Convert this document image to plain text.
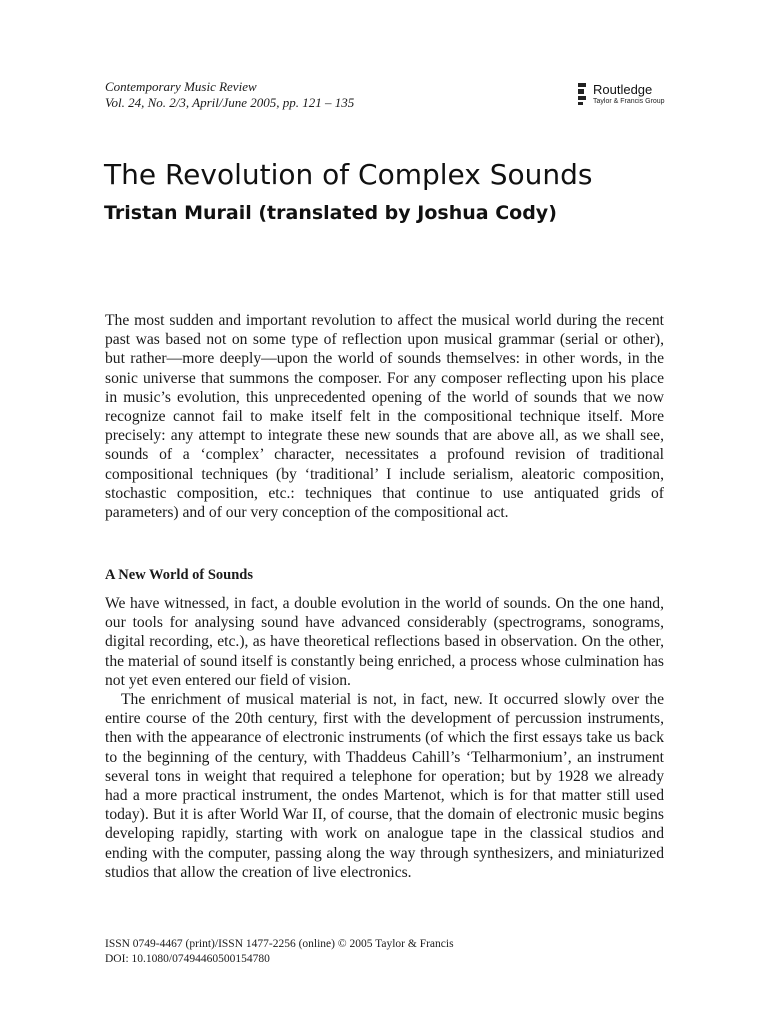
Contemporary Music Review
Vol. 24, No. 2/3, April/June 2005, pp. 121 – 135
Routledge
Taylor & Francis Group
The Revolution of Complex Sounds
Tristan Murail (translated by Joshua Cody)

The most sudden and important revolution to affect the musical world during the recent past was based not on some type of reflection upon musical grammar (serial or other), but rather—more deeply—upon the world of sounds themselves: in other words, in the sonic universe that summons the composer. For any composer reflecting upon his place in music’s evolution, this unprecedented opening of the world of sounds that we now recognize cannot fail to make itself felt in the compositional technique itself. More precisely: any attempt to integrate these new sounds that are above all, as we shall see, sounds of a ‘complex’ character, necessitates a profound revision of traditional compositional techniques (by ‘traditional’ I include serialism, aleatoric composition, stochastic composition, etc.: techniques that continue to use antiquated grids of parameters) and of our very conception of the compositional act.

A New World of Sounds

We have witnessed, in fact, a double evolution in the world of sounds. On the one hand, our tools for analysing sound have advanced considerably (spectrograms, sonograms, digital recording, etc.), as have theoretical reflections based in observation. On the other, the material of sound itself is constantly being enriched, a process whose culmination has not yet even entered our field of vision.

The enrichment of musical material is not, in fact, new. It occurred slowly over the entire course of the 20th century, first with the development of percussion instruments, then with the appearance of electronic instruments (of which the first essays take us back to the beginning of the century, with Thaddeus Cahill’s ‘Telharmonium’, an instrument several tons in weight that required a telephone for operation; but by 1928 we already had a more practical instrument, the ondes Martenot, which is for that matter still used today). But it is after World War II, of course, that the domain of electronic music begins developing rapidly, starting with work on analogue tape in the classical studios and ending with the computer, passing along the way through synthesizers, and miniaturized studios that allow the creation of live electronics.

ISSN 0749-4467 (print)/ISSN 1477-2256 (online) © 2005 Taylor & Francis
DOI: 10.1080/07494460500154780
